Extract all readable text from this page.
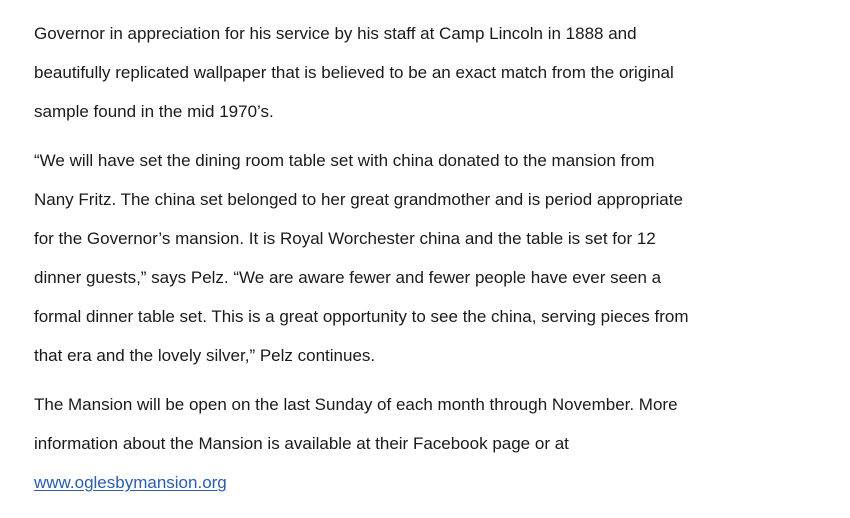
Governor in appreciation for his service by his staff at Camp Lincoln in 1888 and
beautifully replicated wallpaper that is believed to be an exact match from the original
sample found in the mid 1970’s.

“We will have set the dining room table set with china donated to the mansion from
Nany Fritz. The china set belonged to her great grandmother and is period appropriate
for the Governor’s mansion. It is Royal Worchester china and the table is set for 12
dinner guests,” says Pelz. “We are aware fewer and fewer people have ever seen a
formal dinner table set. This is a great opportunity to see the china, serving pieces from
that era and the lovely silver,” Pelz continues.

The Mansion will be open on the last Sunday of each month through November. More
information about the Mansion is available at their Facebook page or at
www.oglesbymansion.org
